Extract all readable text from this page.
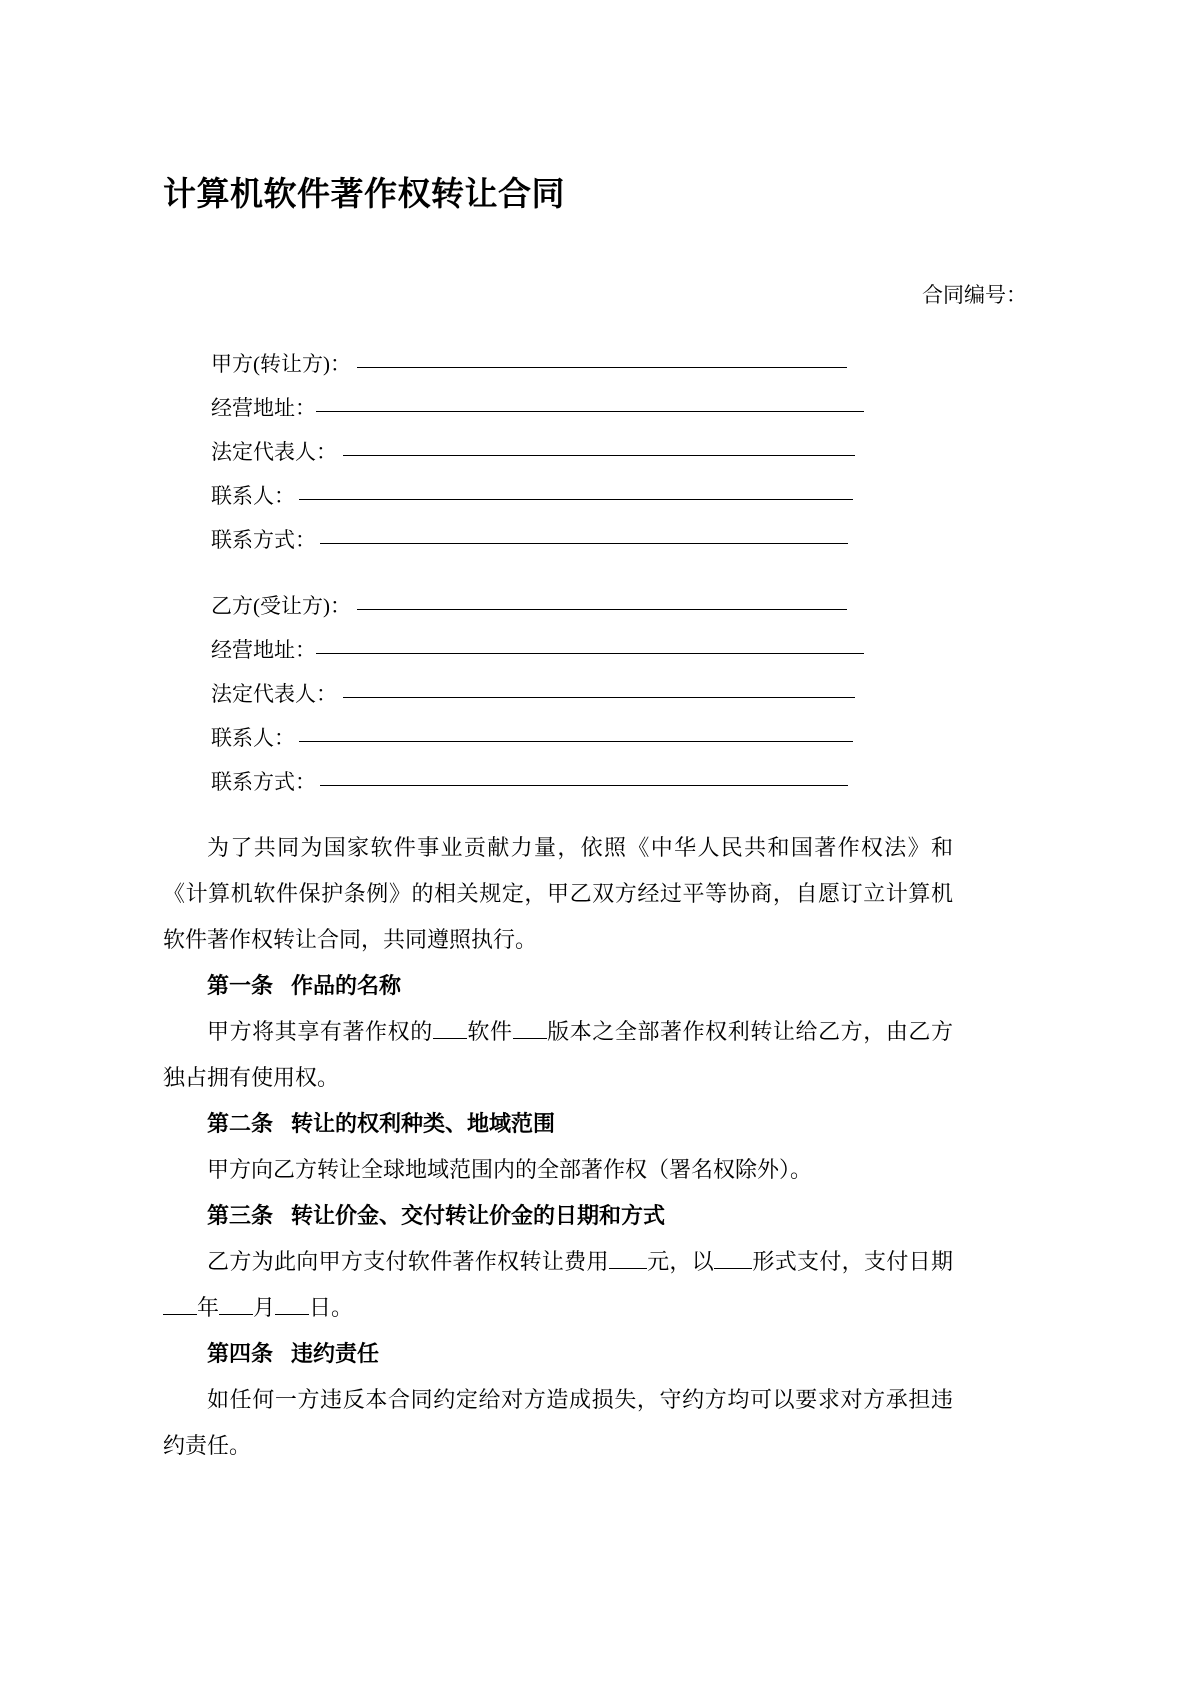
计算机软件著作权转让合同
合同编号：
甲方(转让方)：
经营地址：
法定代表人：
联系人：
联系方式：
乙方(受让方)：
经营地址：
法定代表人：
联系人：
联系方式：

为了共同为国家软件事业贡献力量，依照《中华人民共和国著作权法》和《计算机软件保护条例》的相关规定，甲乙双方经过平等协商，自愿订立计算机软件著作权转让合同，共同遵照执行。

第一条 作品的名称

甲方将其享有著作权的 软件 版本之全部著作权利转让给乙方，由乙方独占拥有使用权。

第二条 转让的权利种类、地域范围

甲方向乙方转让全球地域范围内的全部著作权（署名权除外）。

第三条 转让价金、交付转让价金的日期和方式

乙方为此向甲方支付软件著作权转让费用 元，以 形式支付，支付日期年 月 日。

第四条 违约责任

如任何一方违反本合同约定给对方造成损失，守约方均可以要求对方承担违约责任。
